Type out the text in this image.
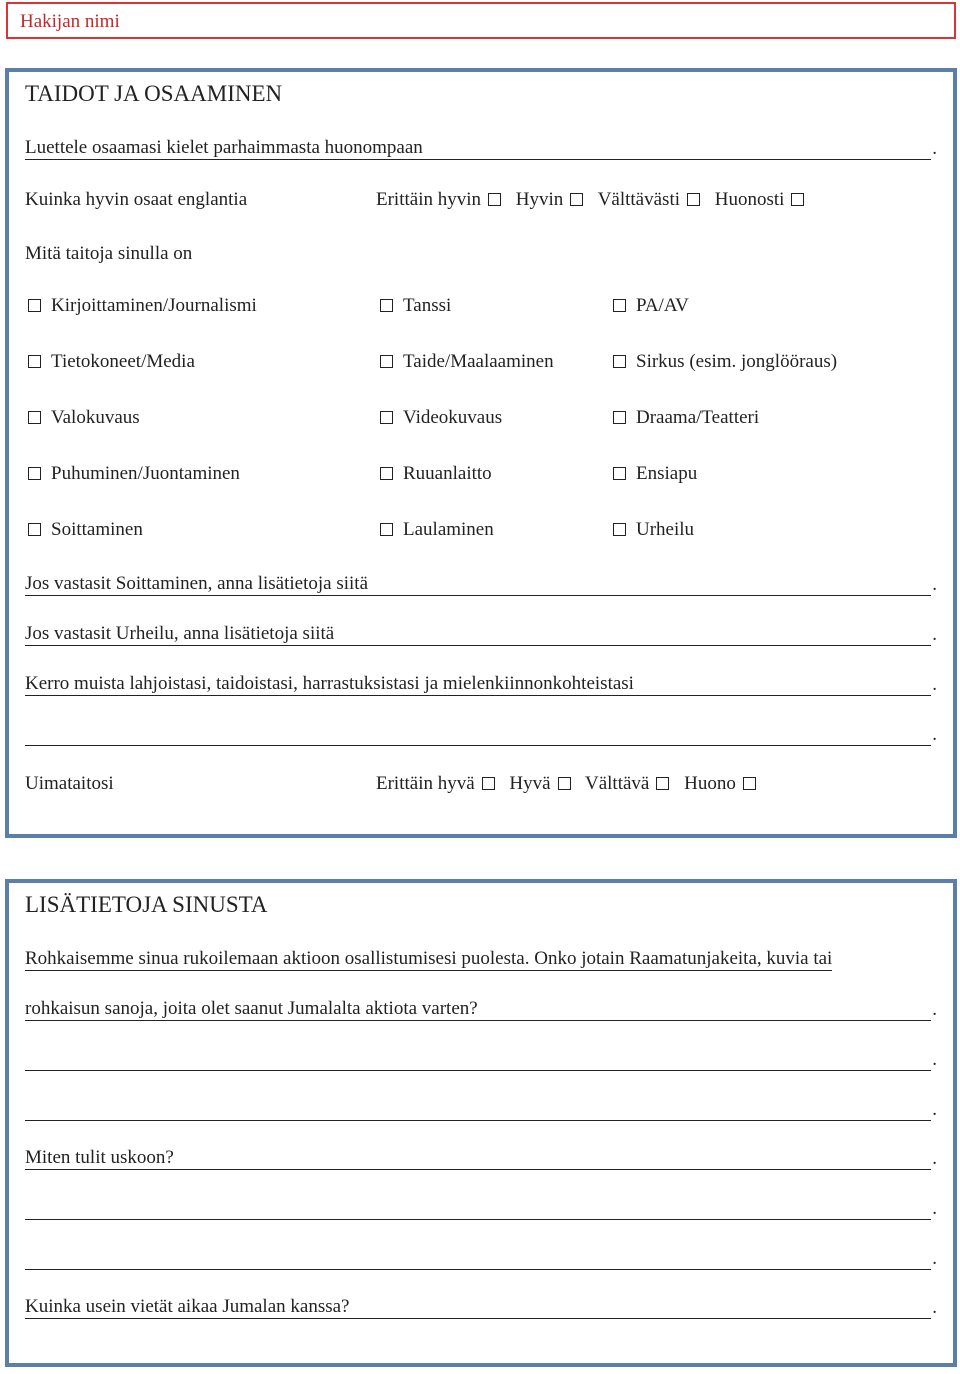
Hakijan nimi
TAIDOT JA OSAAMINEN
Luettele osaamasi kielet parhaimmasta huonompaan	.
Kuinka hyvin osaat englantia	Erittäin hyvin Hyvin Välttävästi Huonosti
Mitä taitoja sinulla on
Kirjoittaminen/Journalismi	Tanssi	PA/AV
Tietokoneet/Media	Taide/Maalaaminen	Sirkus (esim. jonglööraus)
Valokuvaus	Videokuvaus	Draama/Teatteri
Puhuminen/Juontaminen	Ruuanlaitto	Ensiapu
Soittaminen	Laulaminen	Urheilu
Jos vastasit Soittaminen, anna lisätietoja siitä	.
Jos vastasit Urheilu, anna lisätietoja siitä	.
Kerro muista lahjoistasi, taidoistasi, harrastuksistasi ja mielenkiinnonkohteistasi	.
.
Uimataitosi	Erittäin hyvä Hyvä Välttävä Huono
LISÄTIETOJA SINUSTA
Rohkaisemme sinua rukoilemaan aktioon osallistumisesi puolesta. Onko jotain Raamatunjakeita, kuvia tai
rohkaisun sanoja, joita olet saanut Jumalalta aktiota varten?	.
.
.
Miten tulit uskoon?	.
.
.
Kuinka usein vietät aikaa Jumalan kanssa?	.
